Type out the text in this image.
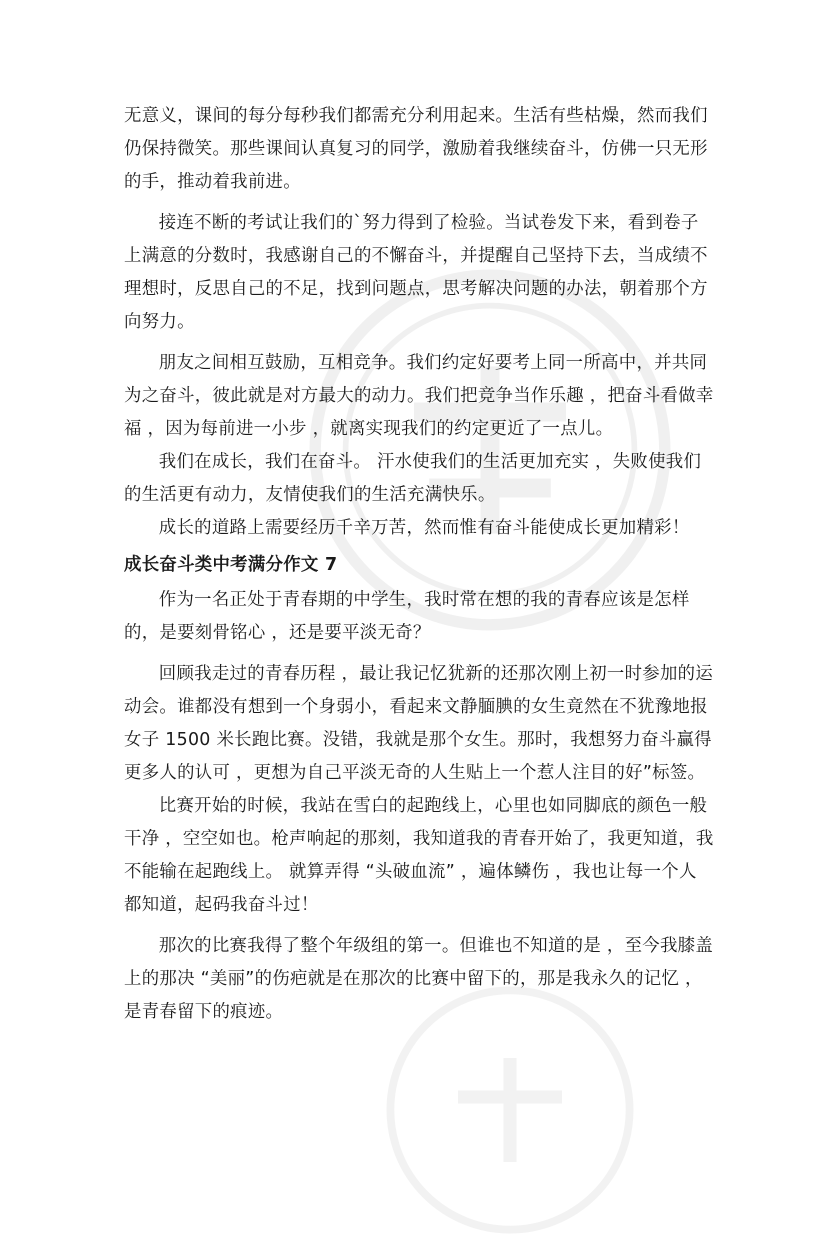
无意义，课间的每分每秒我们都需充分利用起来。生活有些枯燥，然而我们仍保持微笑。那些课间认真复习的同学，激励着我继续奋斗，仿佛一只无形的手，推动着我前进。

接连不断的考试让我们的`努力得到了检验。当试卷发下来，看到卷子上满意的分数时，我感谢自己的不懈奋斗，并提醒自己坚持下去，当成绩不理想时，反思自己的不足，找到问题点，思考解决问题的办法，朝着那个方向努力。

朋友之间相互鼓励，互相竞争。我们约定好要考上同一所高中，并共同为之奋斗，彼此就是对方最大的动力。我们把竞争当作乐趣 ，把奋斗看做幸福 ，因为每前进一小步 ，就离实现我们的约定更近了一点儿。

我们在成长，我们在奋斗。 汗水使我们的生活更加充实 ，失败使我们的生活更有动力，友情使我们的生活充满快乐。

成长的道路上需要经历千辛万苦，然而惟有奋斗能使成长更加精彩！

成长奋斗类中考满分作文 7

作为一名正处于青春期的中学生，我时常在想的我的青春应该是怎样的，是要刻骨铭心 ，还是要平淡无奇？

回顾我走过的青春历程 ，最让我记忆犹新的还那次刚上初一时参加的运动会。谁都没有想到一个身弱小，看起来文静腼腆的女生竟然在不犹豫地报女子 1500 米长跑比赛。没错，我就是那个女生。那时，我想努力奋斗赢得更多人的认可 ，更想为自己平淡无奇的人生贴上一个惹人注目的好”标签。

比赛开始的时候，我站在雪白的起跑线上，心里也如同脚底的颜色一般干净 ，空空如也。枪声响起的那刻，我知道我的青春开始了，我更知道，我不能输在起跑线上。 就算弄得 “头破血流” ，遍体鳞伤 ，我也让每一个人都知道，起码我奋斗过！

那次的比赛我得了整个年级组的第一。但谁也不知道的是 ，至今我膝盖上的那决 “美丽”的伤疤就是在那次的比赛中留下的，那是我永久的记忆 ，是青春留下的痕迹。
